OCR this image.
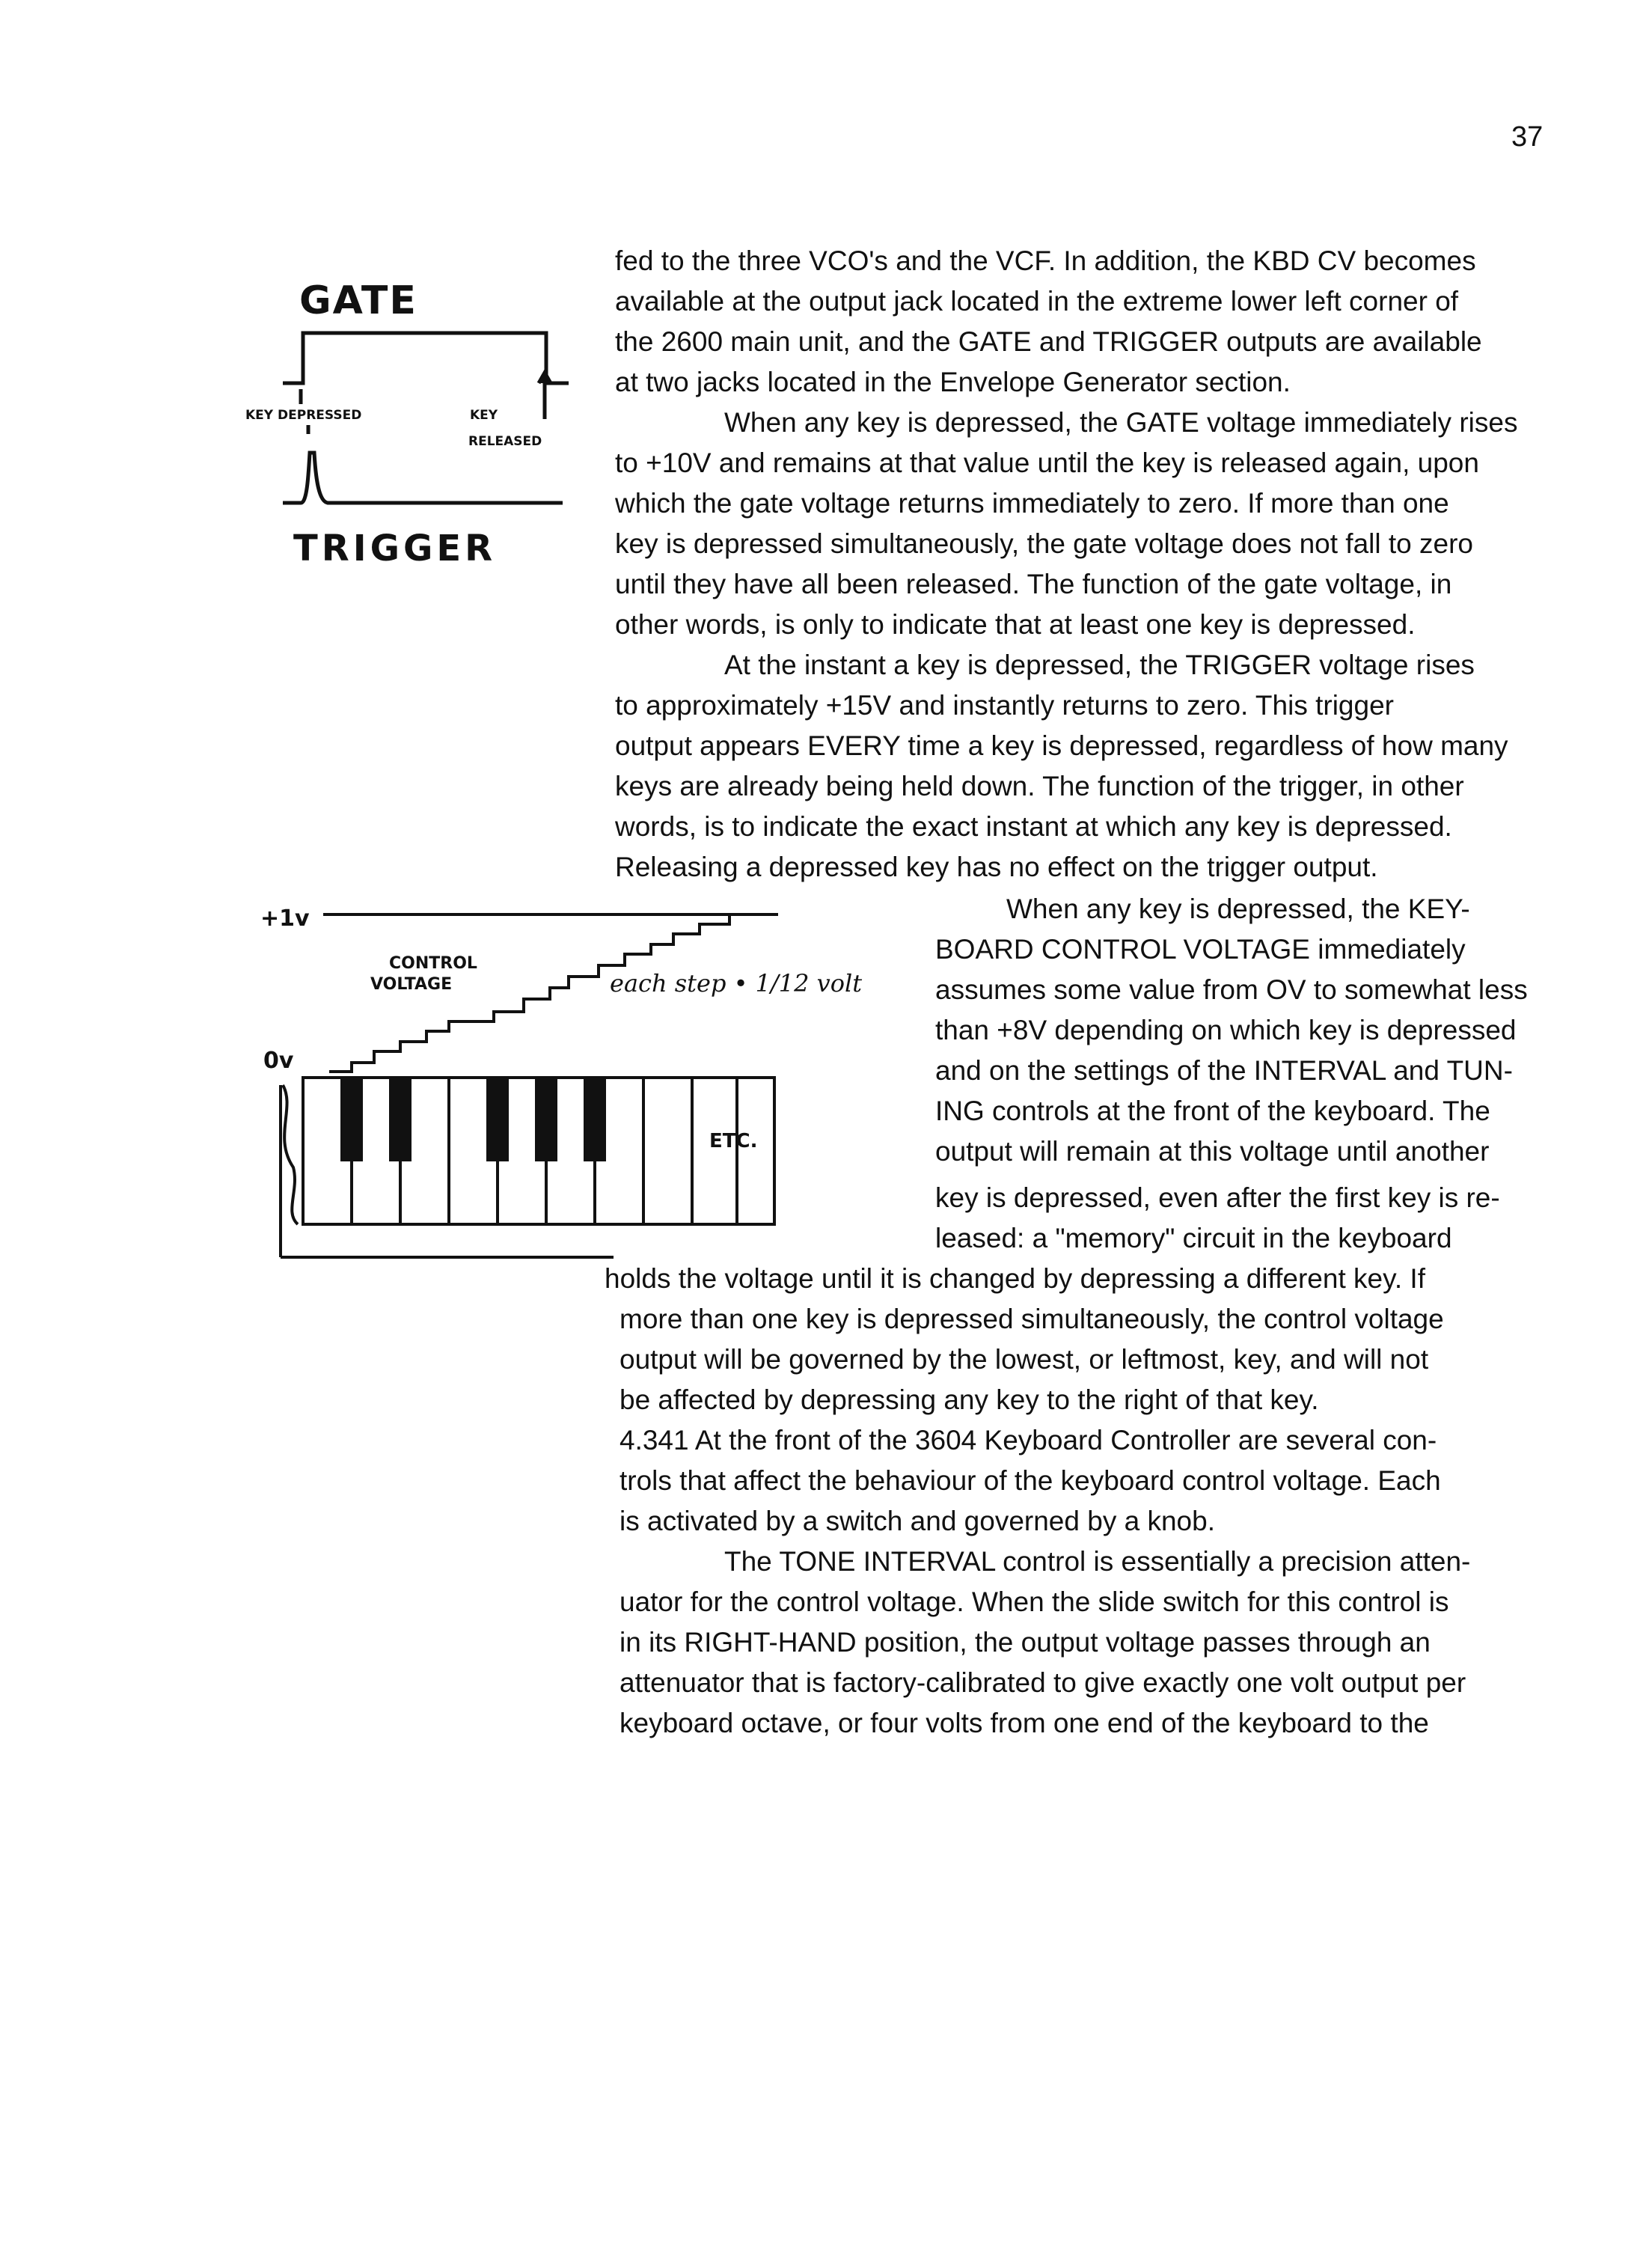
37
GATE
KEY DEPRESSED	KEY
RELEASED
TRIGGER
+1v
CONTROL
VOLTAGE	each step • 1/12 volt
0v
ETC.
fed to the three VCO's and the VCF. In addition, the KBD CV becomes
available at the output jack located in the extreme lower left corner of
the 2600 main unit, and the GATE and TRIGGER outputs are available
at two jacks located in the Envelope Generator section.
When any key is depressed, the GATE voltage immediately rises
to +10V and remains at that value until the key is released again, upon
which the gate voltage returns immediately to zero. If more than one
key is depressed simultaneously, the gate voltage does not fall to zero
until they have all been released. The function of the gate voltage, in
other words, is only to indicate that at least one key is depressed.
At the instant a key is depressed, the TRIGGER voltage rises
to approximately +15V and instantly returns to zero. This trigger
output appears EVERY time a key is depressed, regardless of how many
keys are already being held down. The function of the trigger, in other
words, is to indicate the exact instant at which any key is depressed.
Releasing a depressed key has no effect on the trigger output.
When any key is depressed, the KEY-
BOARD CONTROL VOLTAGE immediately
assumes some value from OV to somewhat less
than +8V depending on which key is depressed
and on the settings of the INTERVAL and TUN-
ING controls at the front of the keyboard. The
output will remain at this voltage until another
key is depressed, even after the first key is re-
leased: a "memory" circuit in the keyboard
holds the voltage until it is changed by depressing a different key. If
more than one key is depressed simultaneously, the control voltage
output will be governed by the lowest, or leftmost, key, and will not
be affected by depressing any key to the right of that key.
4.341 At the front of the 3604 Keyboard Controller are several con-
trols that affect the behaviour of the keyboard control voltage. Each
is activated by a switch and governed by a knob.
The TONE INTERVAL control is essentially a precision atten-
uator for the control voltage. When the slide switch for this control is
in its RIGHT-HAND position, the output voltage passes through an
attenuator that is factory-calibrated to give exactly one volt output per
keyboard octave, or four volts from one end of the keyboard to the
